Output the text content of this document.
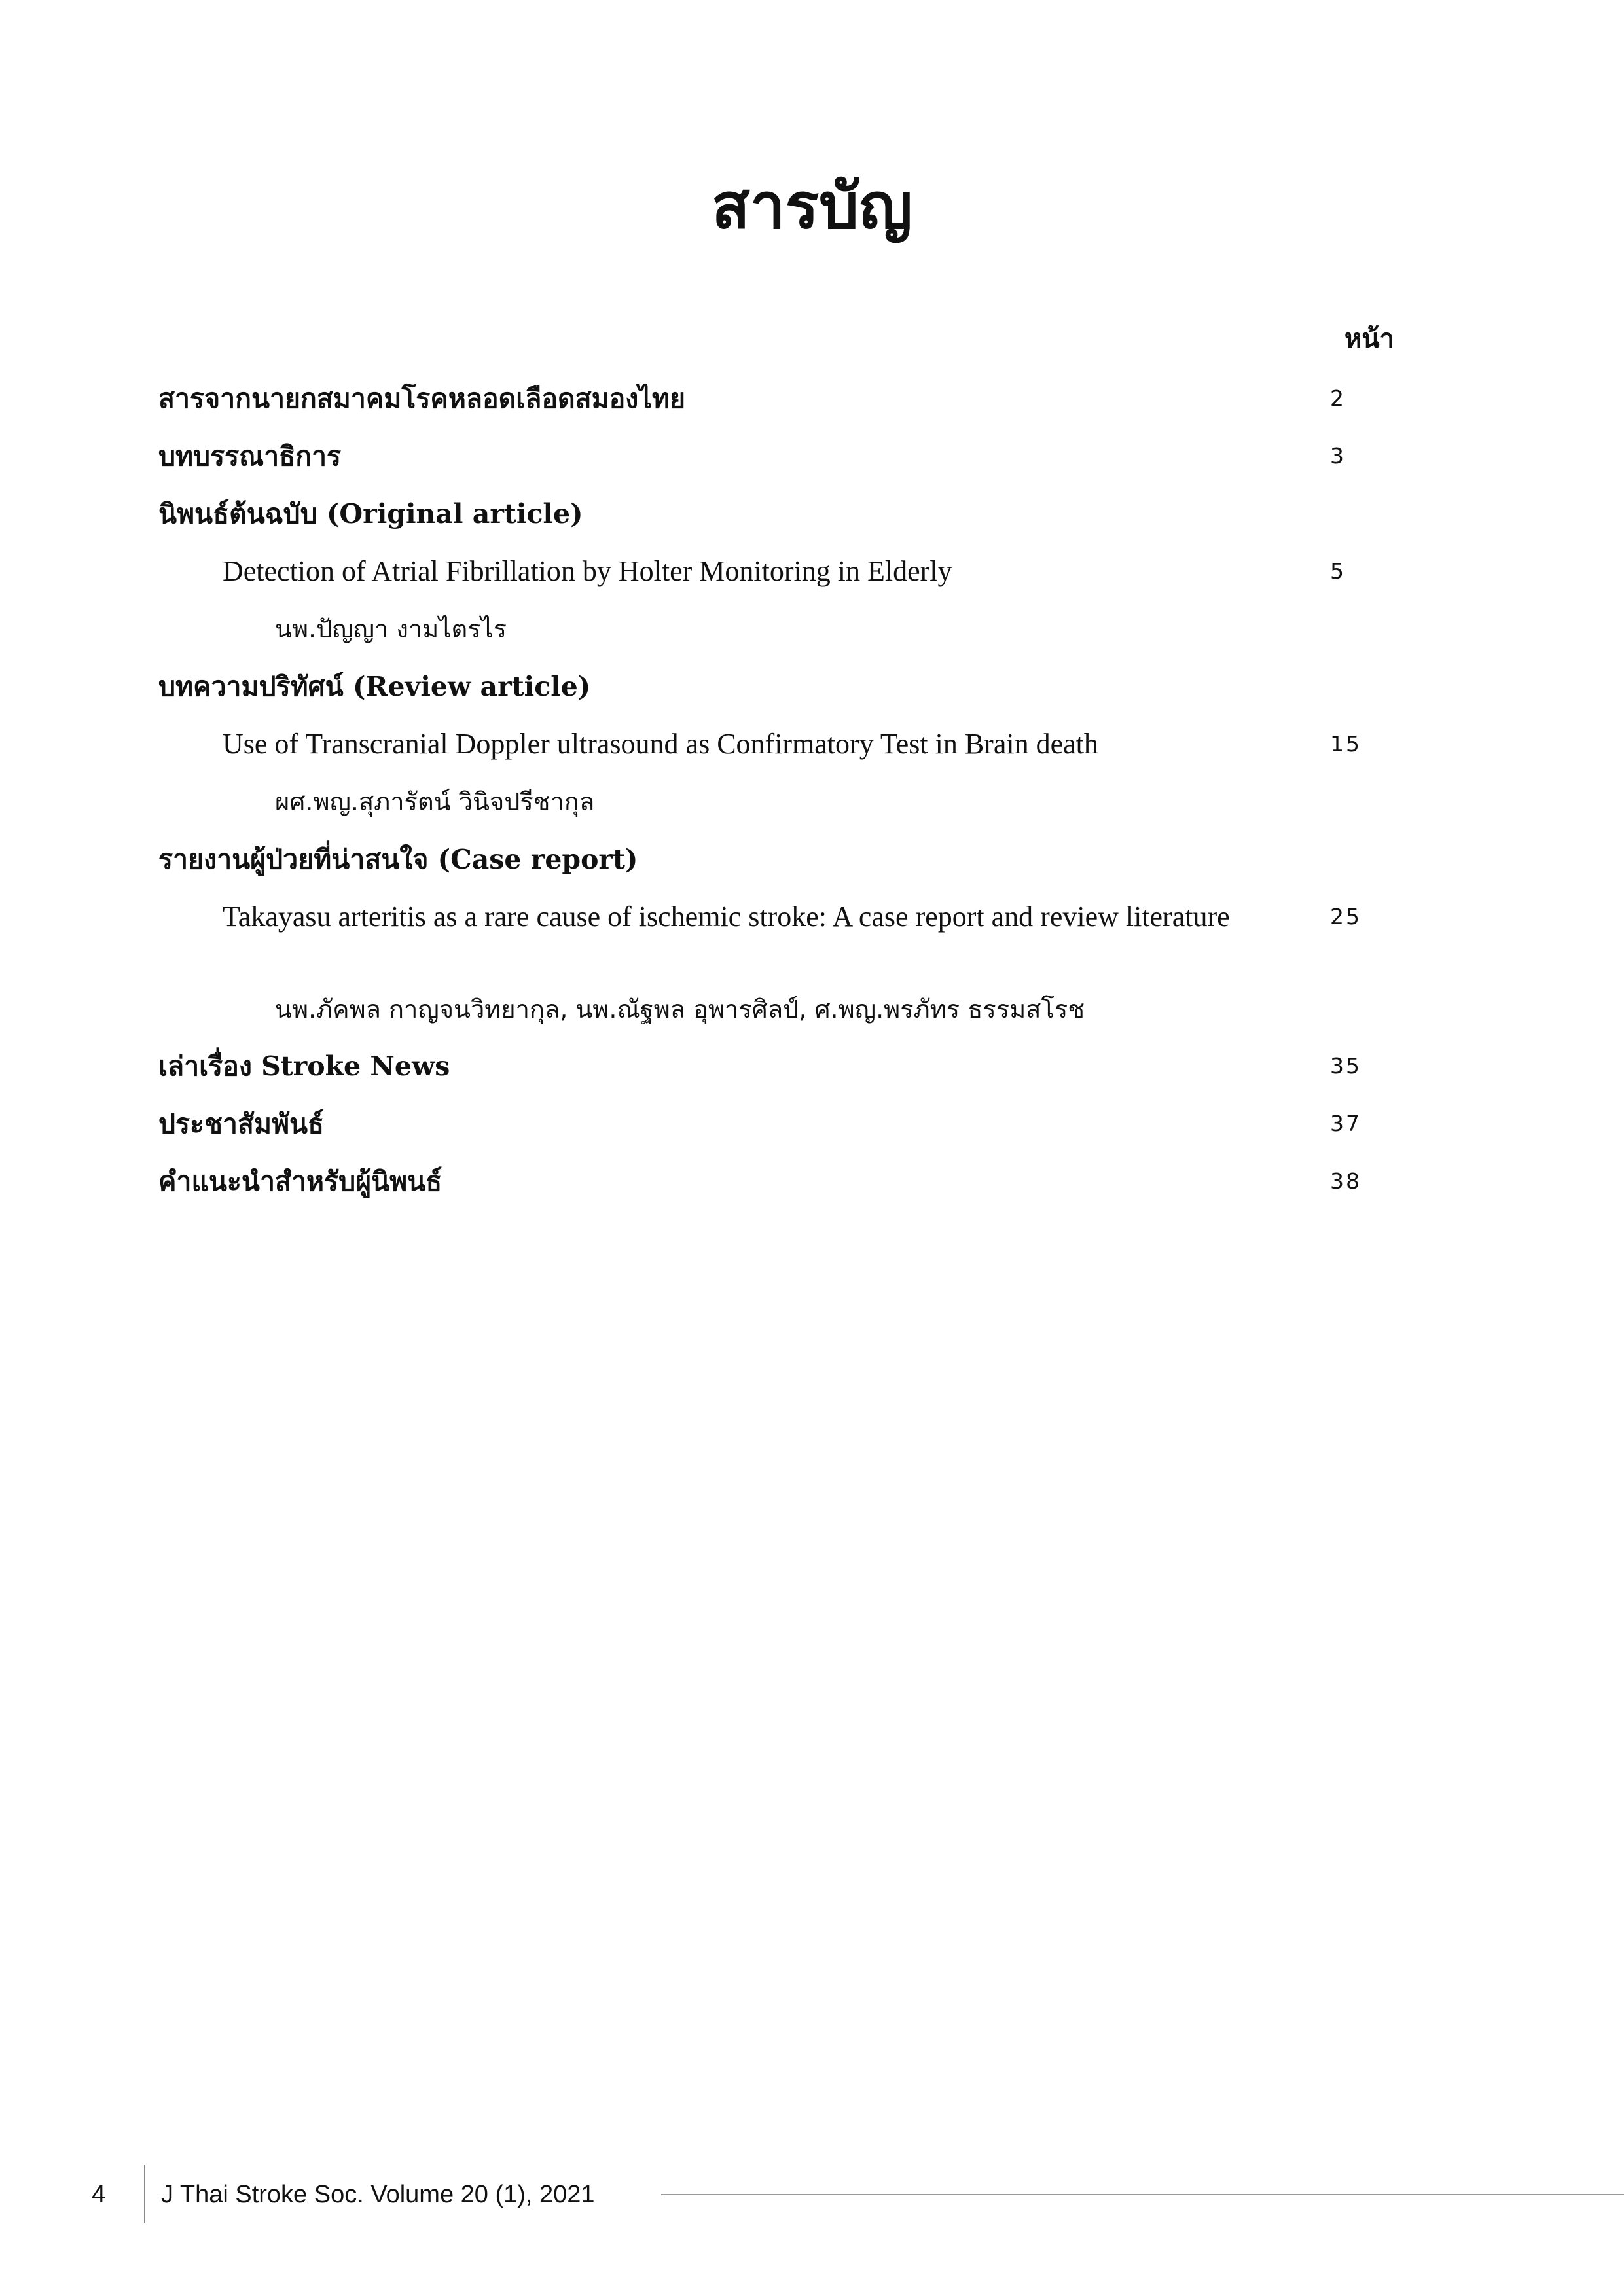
สารบัญ
หน้า
สารจากนายกสมาคมโรคหลอดเลือดสมองไทย	2
บทบรรณาธิการ	3
นิพนธ์ต้นฉบับ (Original article)
Detection of Atrial Fibrillation by Holter Monitoring in Elderly	5
นพ.ปัญญา งามไตรไร
บทความปริทัศน์ (Review article)
Use of Transcranial Doppler ultrasound as Confirmatory Test in Brain death	15
ผศ.พญ.สุภารัตน์ วินิจปรีชากุล
รายงานผู้ป่วยที่น่าสนใจ (Case report)
Takayasu arteritis as a rare cause of ischemic stroke: A case report and review literature	25
นพ.ภัคพล กาญจนวิทยากุล, นพ.ณัฐพล อุพารศิลป์, ศ.พญ.พรภัทร ธรรมสโรช
เล่าเรื่อง Stroke News	35
ประชาสัมพันธ์	37
คำแนะนำสำหรับผู้นิพนธ์	38
4 J Thai Stroke Soc. Volume 20 (1), 2021
